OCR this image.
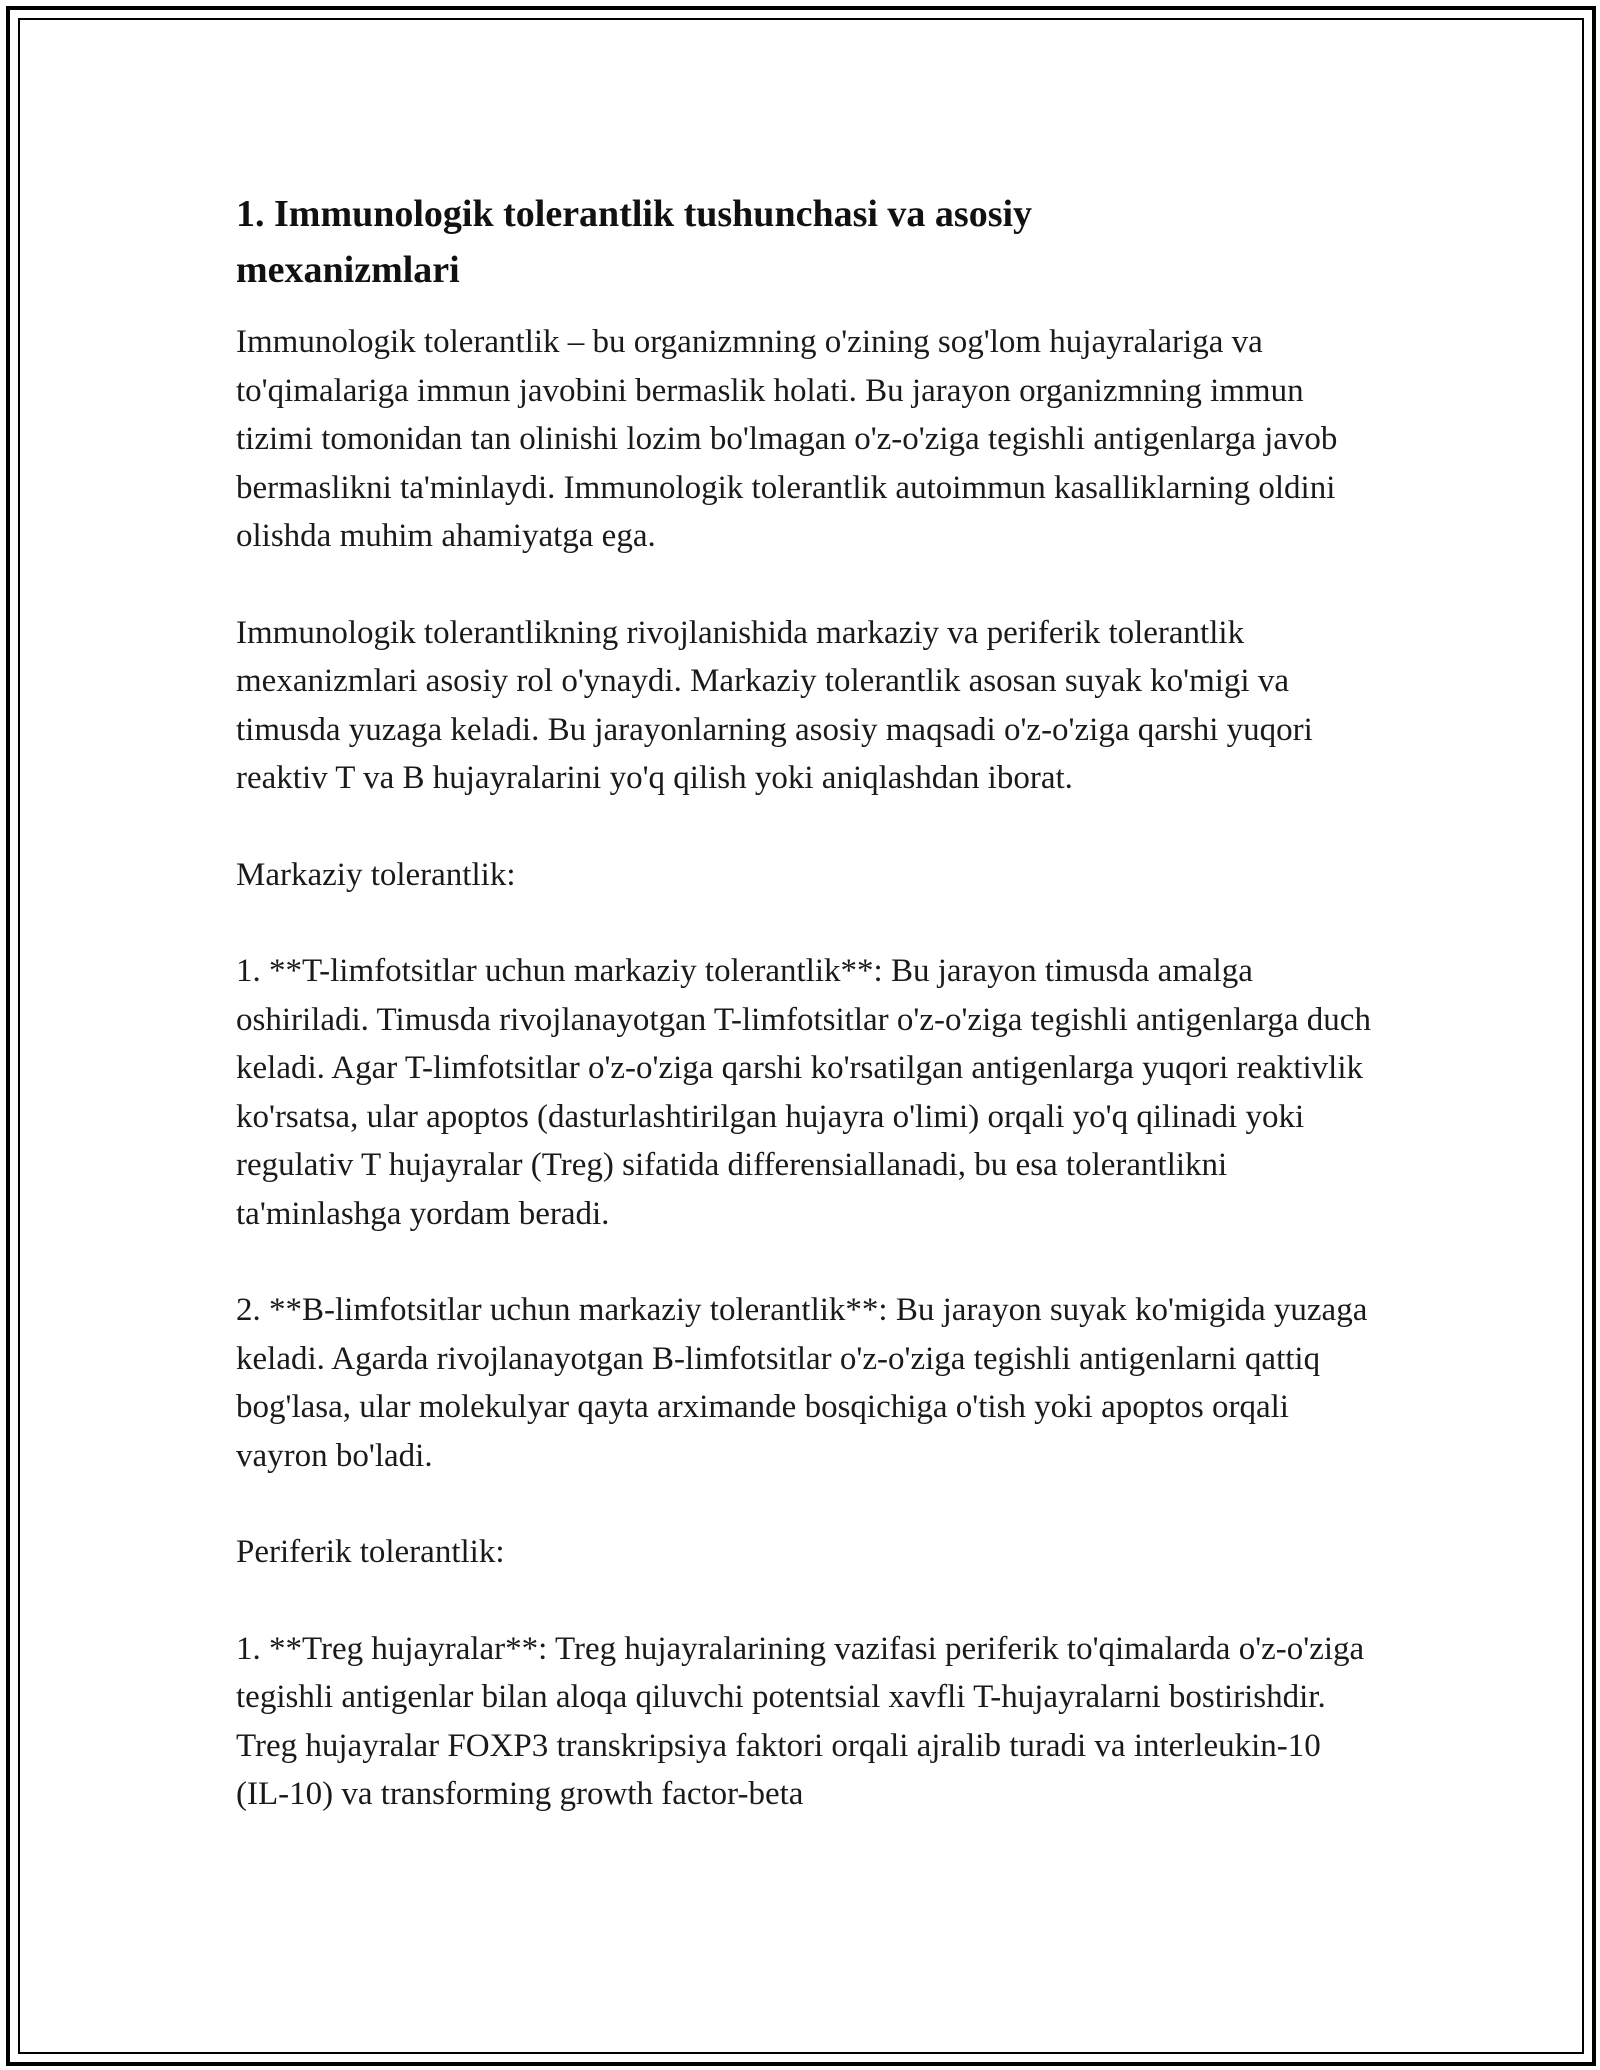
1. Immunologik tolerantlik tushunchasi va asosiy mexanizmlari

Immunologik tolerantlik – bu organizmning o'zining sog'lom hujayralariga va to'qimalariga immun javobini bermaslik holati. Bu jarayon organizmning immun tizimi tomonidan tan olinishi lozim bo'lmagan o'z-o'ziga tegishli antigenlarga javob bermaslikni ta'minlaydi. Immunologik tolerantlik autoimmun kasalliklarning oldini olishda muhim ahamiyatga ega.

Immunologik tolerantlikning rivojlanishida markaziy va periferik tolerantlik mexanizmlari asosiy rol o'ynaydi. Markaziy tolerantlik asosan suyak ko'migi va timusda yuzaga keladi. Bu jarayonlarning asosiy maqsadi o'z-o'ziga qarshi yuqori reaktiv T va B hujayralarini yo'q qilish yoki aniqlashdan iborat.

Markaziy tolerantlik:

1. **T-limfotsitlar uchun markaziy tolerantlik**: Bu jarayon timusda amalga oshiriladi. Timusda rivojlanayotgan T-limfotsitlar o'z-o'ziga tegishli antigenlarga duch keladi. Agar T-limfotsitlar o'z-o'ziga qarshi ko'rsatilgan antigenlarga yuqori reaktivlik ko'rsatsa, ular apoptos (dasturlashtirilgan hujayra o'limi) orqali yo'q qilinadi yoki regulativ T hujayralar (Treg) sifatida differensiallanadi, bu esa tolerantlikni ta'minlashga yordam beradi.

2. **B-limfotsitlar uchun markaziy tolerantlik**: Bu jarayon suyak ko'migida yuzaga keladi. Agarda rivojlanayotgan B-limfotsitlar o'z-o'ziga tegishli antigenlarni qattiq bog'lasa, ular molekulyar qayta arximande bosqichiga o'tish yoki apoptos orqali vayron bo'ladi.

Periferik tolerantlik:

1. **Treg hujayralar**: Treg hujayralarining vazifasi periferik to'qimalarda o'z-o'ziga tegishli antigenlar bilan aloqa qiluvchi potentsial xavfli T-hujayralarni bostirishdir. Treg hujayralar FOXP3 transkripsiya faktori orqali ajralib turadi va interleukin-10 (IL-10) va transforming growth factor-beta
